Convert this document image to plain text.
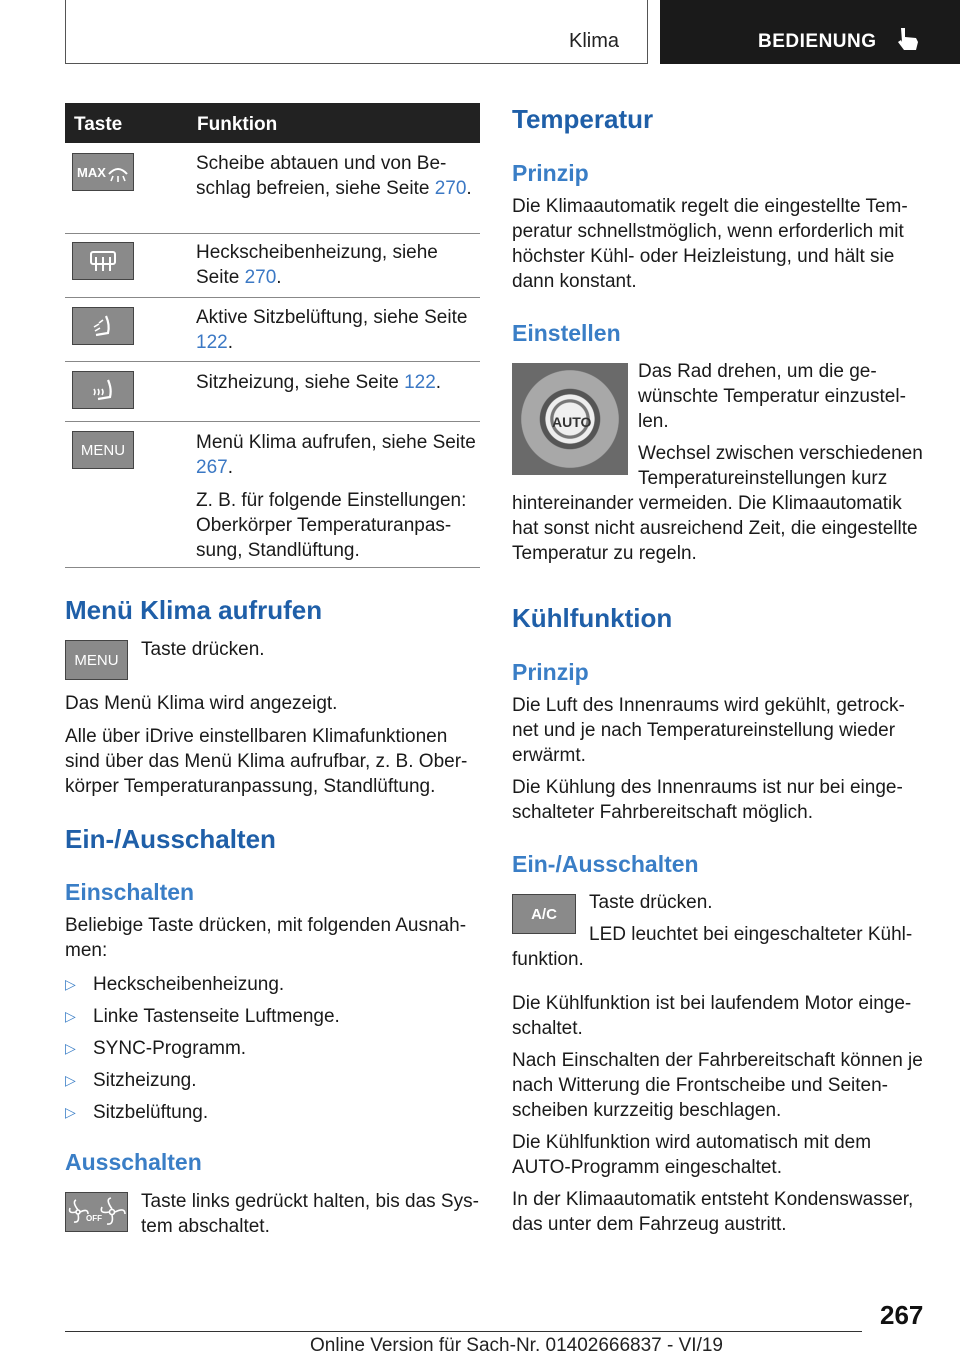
Klima	BEDIENUNG
Taste	Funktion
MAX	Scheibe abtauen und von Be-schlag befreien, siehe Seite 270.
Heckscheibenheizung, siehe Seite 270.
Aktive Sitzbelüftung, siehe Seite 122.
Sitzheizung, siehe Seite 122.
MENU	Menü Klima aufrufen, siehe Seite 267.

Z. B. für folgende Einstellungen: Oberkörper Temperaturanpas-sung, Standlüftung.

Menü Klima aufrufen
MENU	Taste drücken.

Das Menü Klima wird angezeigt.

Alle über iDrive einstellbaren Klimafunktionen sind über das Menü Klima aufrufbar, z. B. Ober-körper Temperaturanpassung, Standlüftung.

Ein-/Ausschalten
Einschalten

Beliebige Taste drücken, mit folgenden Ausnah-men:

▷ Heckscheibenheizung.
▷ Linke Tastenseite Luftmenge.
▷ SYNC-Programm.
▷ Sitzheizung.
▷ Sitzbelüftung.
Ausschalten
OFF

Taste links gedrückt halten, bis das Sys-tem abschaltet.

Temperatur
Prinzip

Die Klimaautomatik regelt die eingestellte Tem-peratur schnellstmöglich, wenn erforderlich mit höchster Kühl- oder Heizleistung, und hält sie dann konstant.

Einstellen
AUTO

Das Rad drehen, um die ge-wünschte Temperatur einzustel-len.

Wechsel zwischen verschiedenen Temperatureinstellungen kurz

hintereinander vermeiden. Die Klimaautomatik hat sonst nicht ausreichend Zeit, die eingestellte Temperatur zu regeln.

Kühlfunktion
Prinzip

Die Luft des Innenraums wird gekühlt, getrock-net und je nach Temperatureinstellung wieder erwärmt.

Die Kühlung des Innenraums ist nur bei einge-schalteter Fahrbereitschaft möglich.

Ein-/Ausschalten
A/C

Taste drücken.

LED leuchtet bei eingeschalteter Kühl-

funktion.

Die Kühlfunktion ist bei laufendem Motor einge-schaltet.

Nach Einschalten der Fahrbereitschaft können je nach Witterung die Frontscheibe und Seiten-scheiben kurzzeitig beschlagen.

Die Kühlfunktion wird automatisch mit dem AUTO-Programm eingeschaltet.

In der Klimaautomatik entsteht Kondenswasser, das unter dem Fahrzeug austritt.

267
Online Version für Sach-Nr. 01402666837 - VI/19
